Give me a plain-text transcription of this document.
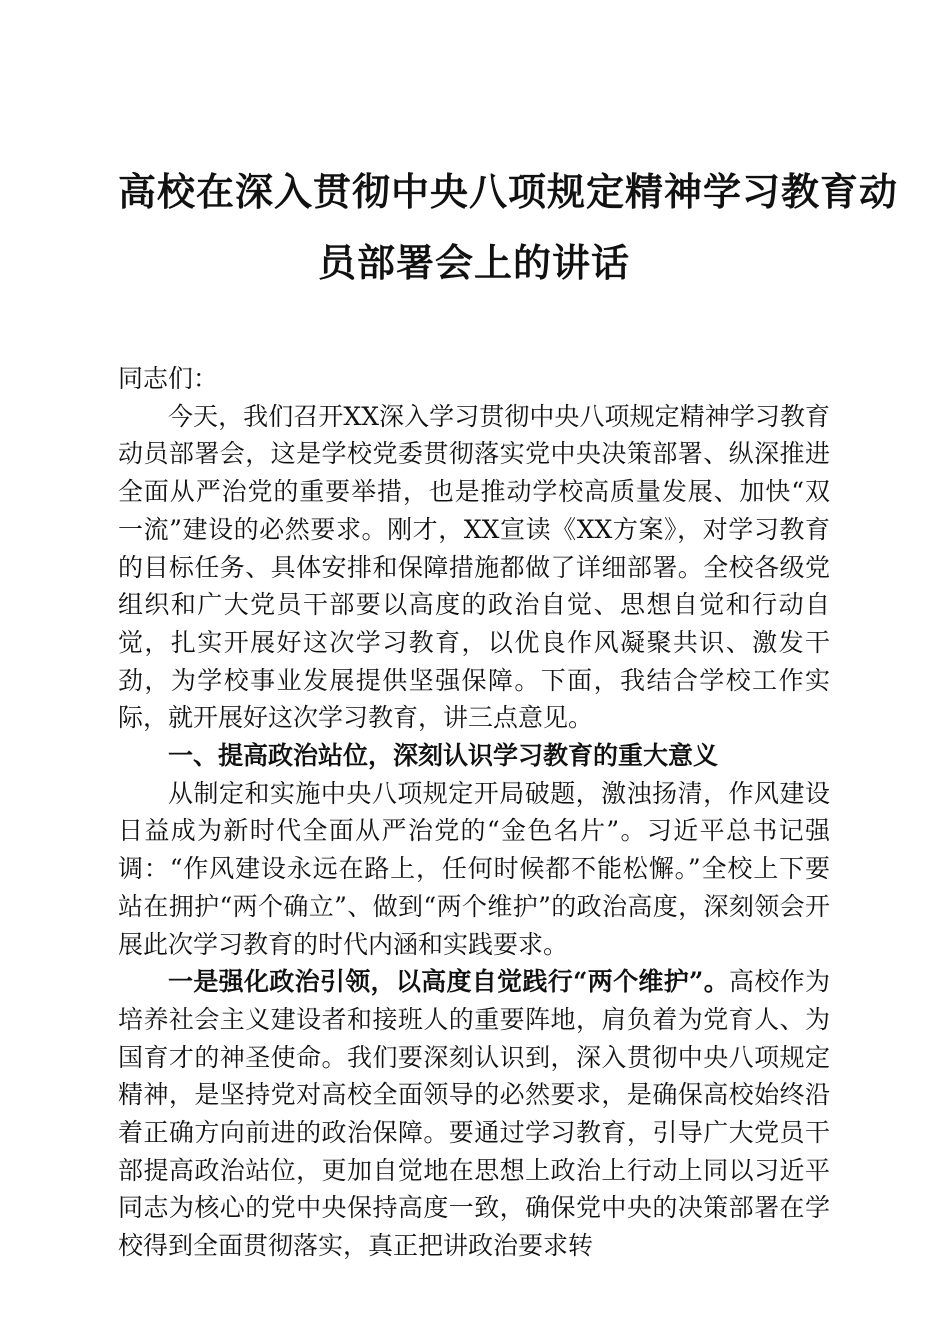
高校在深入贯彻中央八项规定精神学习教育动
员部署会上的讲话

同志们：

今天，我们召开XX深入学习贯彻中央八项规定精神学习教育动员部署会，这是学校党委贯彻落实党中央决策部署、纵深推进全面从严治党的重要举措，也是推动学校高质量发展、加快“双一流”建设的必然要求。刚才，XX宣读《XX方案》，对学习教育的目标任务、具体安排和保障措施都做了详细部署。全校各级党组织和广大党员干部要以高度的政治自觉、思想自觉和行动自觉，扎实开展好这次学习教育，以优良作风凝聚共识、激发干劲，为学校事业发展提供坚强保障。下面，我结合学校工作实际，就开展好这次学习教育，讲三点意见。

一、提高政治站位，深刻认识学习教育的重大意义

从制定和实施中央八项规定开局破题，激浊扬清，作风建设日益成为新时代全面从严治党的“金色名片”。习近平总书记强调：“作风建设永远在路上，任何时候都不能松懈。”全校上下要站在拥护“两个确立”、做到“两个维护”的政治高度，深刻领会开展此次学习教育的时代内涵和实践要求。

一是强化政治引领，以高度自觉践行“两个维护”。高校作为培养社会主义建设者和接班人的重要阵地，肩负着为党育人、为国育才的神圣使命。我们要深刻认识到，深入贯彻中央八项规定精神，是坚持党对高校全面领导的必然要求，是确保高校始终沿着正确方向前进的政治保障。要通过学习教育，引导广大党员干部提高政治站位，更加自觉地在思想上政治上行动上同以习近平同志为核心的党中央保持高度一致，确保党中央的决策部署在学校得到全面贯彻落实，真正把讲政治要求转
